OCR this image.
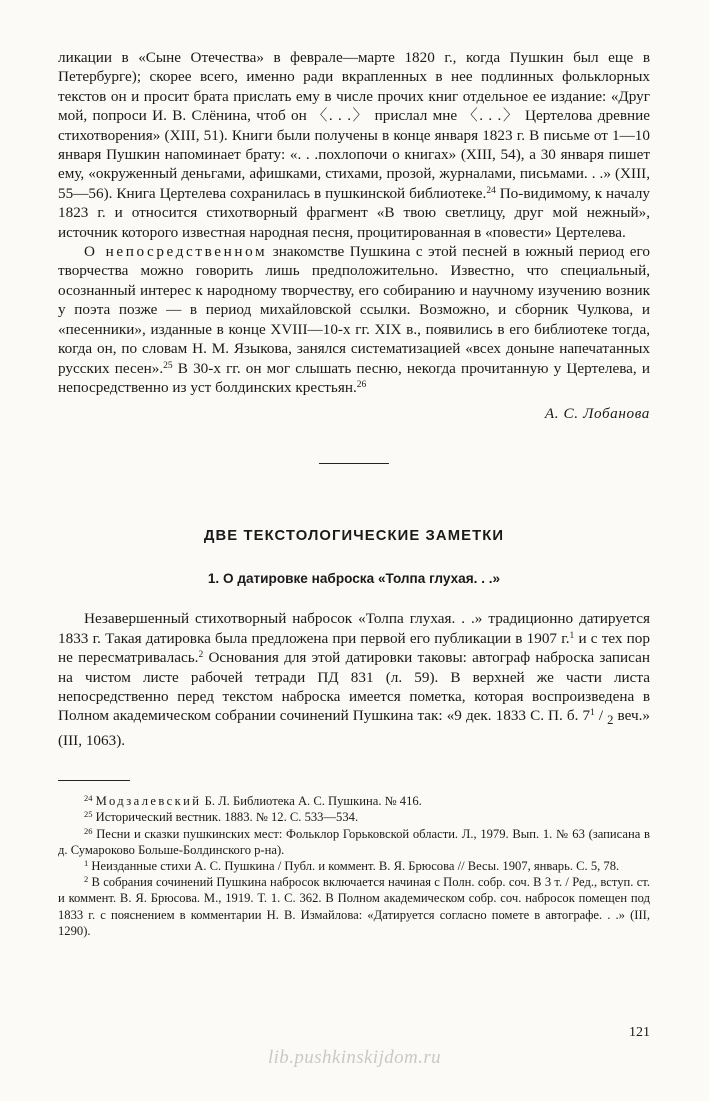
ликации в «Сыне Отечества» в феврале—марте 1820 г., когда Пушкин был еще в Петербурге); скорее всего, именно ради вкрапленных в нее подлинных фольклорных текстов он и просит брата прислать ему в числе прочих книг отдельное ее издание: «Друг мой, попроси И. В. Слёнина, чтоб он 〈. . .〉 прислал мне 〈. . .〉 Цертелова древние стихотворения» (XIII, 51). Книги были получены в конце января 1823 г. В письме от 1—10 января Пушкин напоминает брату: «. . .похлопочи о книгах» (XIII, 54), а 30 января пишет ему, «окруженный деньгами, афишками, стихами, прозой, журналами, письмами. . .» (XIII, 55—56). Книга Цертелева сохранилась в пушкинской библиотеке.$^{24}$ По-видимому, к началу 1823 г. и относится стихотворный фрагмент «В твою светлицу, друг мой нежный», источник которого известная народная песня, процитированная в «повести» Цертелева.

О непосредственном знакомстве Пушкина с этой песней в южный период его творчества можно говорить лишь предположительно. Известно, что специальный, осознанный интерес к народному творчеству, его собиранию и научному изучению возник у поэта позже — в период михайловской ссылки. Возможно, и сборник Чулкова, и «песенники», изданные в конце XVIII—10-х гг. XIX в., появились в его библиотеке тогда, когда он, по словам Н. М. Языкова, занялся систематизацией «всех доныне напечатанных русских песен».$^{25}$ В 30-х гг. он мог слышать песню, некогда прочитанную у Цертелева, и непосредственно из уст болдинских крестьян.$^{26}$

А. С. Лобанова
ДВЕ ТЕКСТОЛОГИЧЕСКИЕ ЗАМЕТКИ
1. О датировке наброска «Толпа глухая. . .»

Незавершенный стихотворный набросок «Толпа глухая. . .» традиционно датируется 1833 г. Такая датировка была предложена при первой его публикации в 1907 г.$^1$ и с тех пор не пересматривалась.$^2$ Основания для этой датировки таковы: автограф наброска записан на чистом листе рабочей тетради ПД 831 (л. 59). В верхней же части листа непосредственно перед текстом наброска имеется пометка, которая воспроизведена в Полном академическом собрании сочинений Пушкина так: «9 дек. 1833 С. П. б. $7^1 / _2$ веч.» (III, 1063).

$^{24}$ Модзалевский Б. Л. Библиотека А. С. Пушкина. № 416.

$^{25}$ Исторический вестник. 1883. № 12. С. 533—534.

$^{26}$ Песни и сказки пушкинских мест: Фольклор Горьковской области. Л., 1979. Вып. 1. № 63 (записана в д. Сумароково Больше-Болдинского р-на).

$^1$ Неизданные стихи А. С. Пушкина / Публ. и коммент. В. Я. Брюсова // Весы. 1907, январь. С. 5, 78.

$^2$ В собрания сочинений Пушкина набросок включается начиная с Полн. собр. соч. В 3 т. / Ред., вступ. ст. и коммент. В. Я. Брюсова. М., 1919. Т. 1. С. 362. В Полном академическом собр. соч. набросок помещен под 1833 г. с пояснением в комментарии Н. В. Измайлова: «Датируется согласно помете в автографе. . .» (III, 1290).

121
lib.pushkinskijdom.ru
